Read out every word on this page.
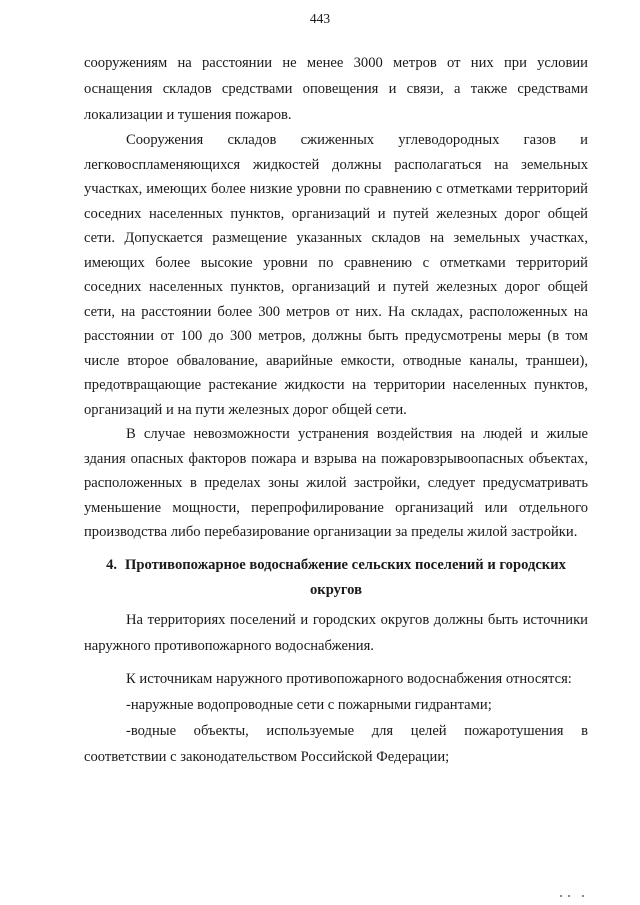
443

сооружениям на расстоянии не менее 3000 метров от них при условии оснащения складов средствами оповещения и связи, а также средствами локализации и тушения пожаров.

Сооружения складов сжиженных углеводородных газов и легковоспламеняющихся жидкостей должны располагаться на земельных участках, имеющих более низкие уровни по сравнению с отметками территорий соседних населенных пунктов, организаций и путей железных дорог общей сети. Допускается размещение указанных складов на земельных участках, имеющих более высокие уровни по сравнению с отметками территорий соседних населенных пунктов, организаций и путей железных дорог общей сети, на расстоянии более 300 метров от них. На складах, расположенных на расстоянии от 100 до 300 метров, должны быть предусмотрены меры (в том числе второе обвалование, аварийные емкости, отводные каналы, траншеи), предотвращающие растекание жидкости на территории населенных пунктов, организаций и на пути железных дорог общей сети.

В случае невозможности устранения воздействия на людей и жилые здания опасных факторов пожара и взрыва на пожаровзрывоопасных объектах, расположенных в пределах зоны жилой застройки, следует предусматривать уменьшение мощности, перепрофилирование организаций или отдельного производства либо перебазирование организации за пределы жилой застройки.

4. Противопожарное водоснабжение сельских поселений и городских округов

На территориях поселений и городских округов должны быть источники наружного противопожарного водоснабжения.

К источникам наружного противопожарного водоснабжения относятся:

-наружные водопроводные сети с пожарными гидрантами;

-водные объекты, используемые для целей пожаротушения в соответствии с законодательством Российской Федерации;
